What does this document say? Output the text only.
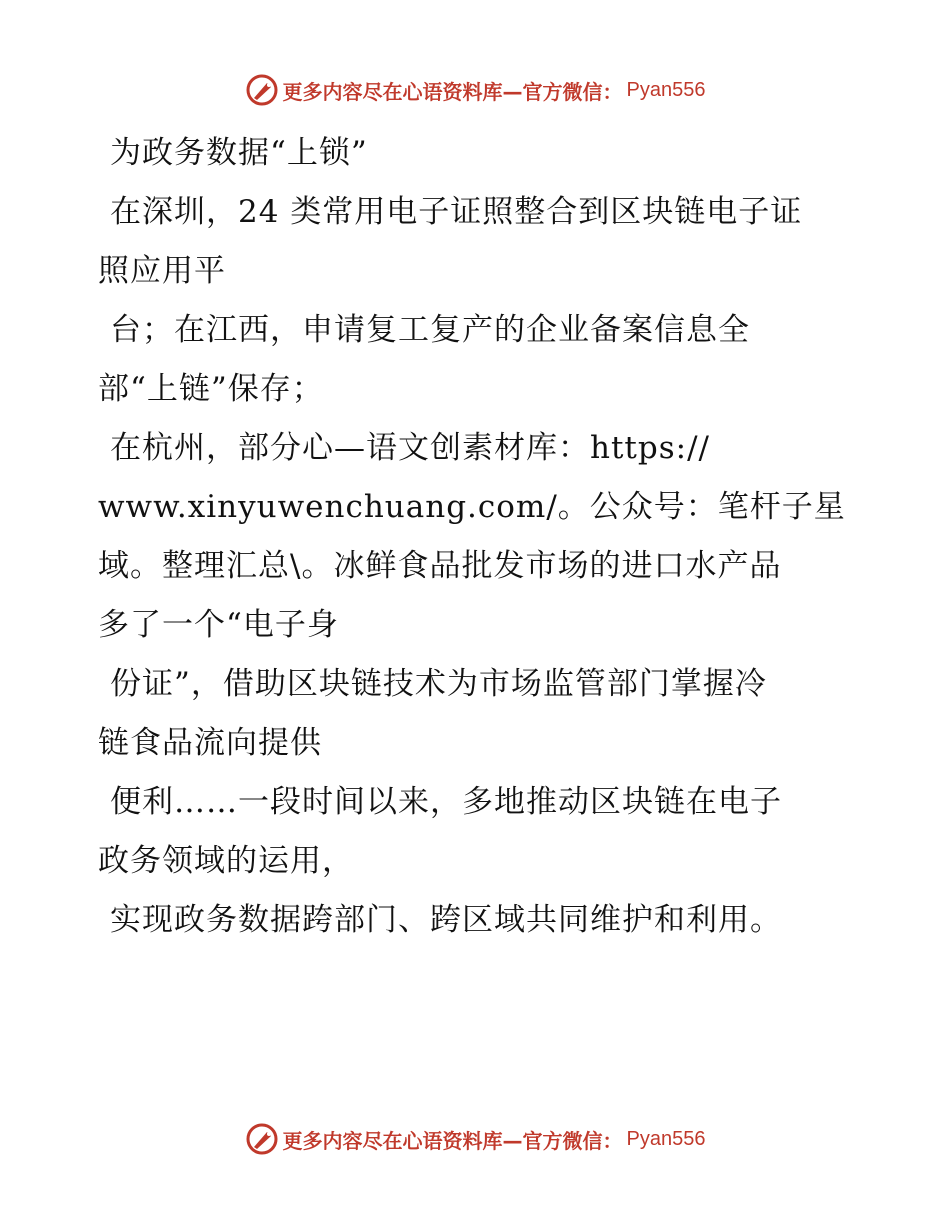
更多内容尽在心语资料库—官方微信： Pyan556
为政务数据“上锁”
在深圳，24 类常用电子证照整合到区块链电子证
照应用平
台；在江西，申请复工复产的企业备案信息全
部“上链”保存；
在杭州，部分心—语文创素材库：https://
www.xinyuwenchuang.com/。公众号：笔杆子星
域。整理汇总\。冰鲜食品批发市场的进口水产品
多了一个“电子身
份证”，借助区块链技术为市场监管部门掌握冷
链食品流向提供
便利……一段时间以来，多地推动区块链在电子
政务领域的运用，
实现政务数据跨部门、跨区域共同维护和利用。
更多内容尽在心语资料库—官方微信： Pyan556
